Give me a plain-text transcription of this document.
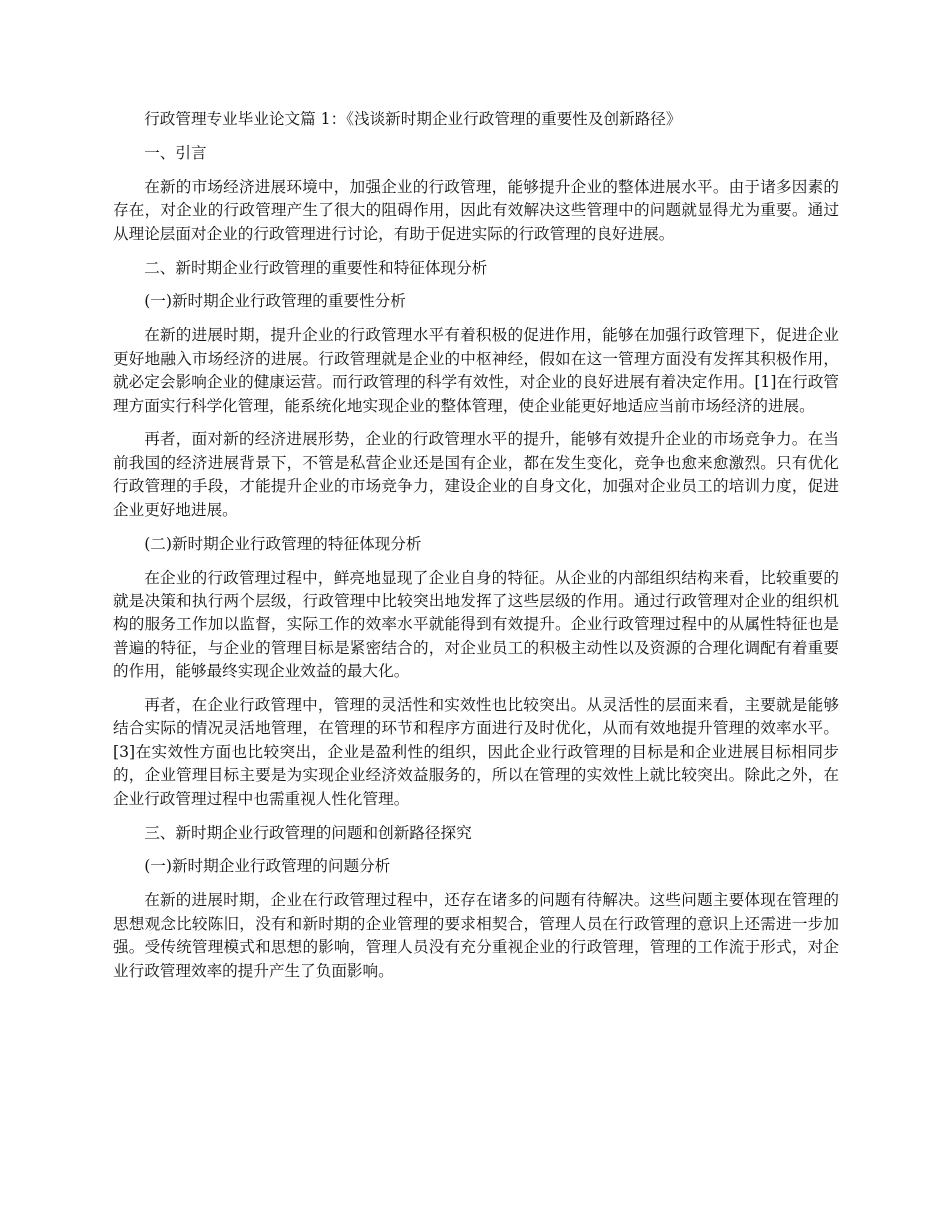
行政管理专业毕业论文篇 1：《浅谈新时期企业行政管理的重要性及创新路径》

一、引言

在新的市场经济进展环境中，加强企业的行政管理，能够提升企业的整体进展水平。由于诸多因素的存在，对企业的行政管理产生了很大的阻碍作用，因此有效解决这些管理中的问题就显得尤为重要。通过从理论层面对企业的行政管理进行讨论，有助于促进实际的行政管理的良好进展。

二、新时期企业行政管理的重要性和特征体现分析

(一)新时期企业行政管理的重要性分析

在新的进展时期，提升企业的行政管理水平有着积极的促进作用，能够在加强行政管理下，促进企业更好地融入市场经济的进展。行政管理就是企业的中枢神经，假如在这一管理方面没有发挥其积极作用，就必定会影响企业的健康运营。而行政管理的科学有效性，对企业的良好进展有着决定作用。[1]在行政管理方面实行科学化管理，能系统化地实现企业的整体管理，使企业能更好地适应当前市场经济的进展。

再者，面对新的经济进展形势，企业的行政管理水平的提升，能够有效提升企业的市场竞争力。在当前我国的经济进展背景下，不管是私营企业还是国有企业，都在发生变化，竞争也愈来愈激烈。只有优化行政管理的手段，才能提升企业的市场竞争力，建设企业的自身文化，加强对企业员工的培训力度，促进企业更好地进展。

(二)新时期企业行政管理的特征体现分析

在企业的行政管理过程中，鲜亮地显现了企业自身的特征。从企业的内部组织结构来看，比较重要的就是决策和执行两个层级，行政管理中比较突出地发挥了这些层级的作用。通过行政管理对企业的组织机构的服务工作加以监督，实际工作的效率水平就能得到有效提升。企业行政管理过程中的从属性特征也是普遍的特征，与企业的管理目标是紧密结合的，对企业员工的积极主动性以及资源的合理化调配有着重要的作用，能够最终实现企业效益的最大化。

再者，在企业行政管理中，管理的灵活性和实效性也比较突出。从灵活性的层面来看，主要就是能够结合实际的情况灵活地管理，在管理的环节和程序方面进行及时优化，从而有效地提升管理的效率水平。[3]在实效性方面也比较突出，企业是盈利性的组织，因此企业行政管理的目标是和企业进展目标相同步的，企业管理目标主要是为实现企业经济效益服务的，所以在管理的实效性上就比较突出。除此之外，在企业行政管理过程中也需重视人性化管理。

三、新时期企业行政管理的问题和创新路径探究

(一)新时期企业行政管理的问题分析

在新的进展时期，企业在行政管理过程中，还存在诸多的问题有待解决。这些问题主要体现在管理的思想观念比较陈旧，没有和新时期的企业管理的要求相契合，管理人员在行政管理的意识上还需进一步加强。受传统管理模式和思想的影响，管理人员没有充分重视企业的行政管理，管理的工作流于形式，对企业行政管理效率的提升产生了负面影响。
